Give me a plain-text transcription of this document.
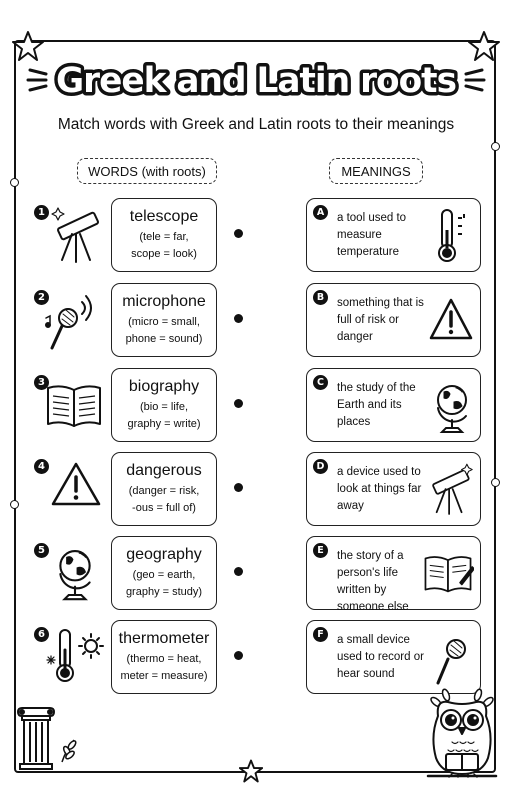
Greek and Latin roots
Match words with Greek and Latin roots to their meanings
WORDS (with roots)	MEANINGS
1	telescope
(tele = far,
scope = look)
A	a tool used to measure temperature
2	microphone
(micro = small,
phone = sound)
B	something that is full of risk or danger
3	biography
(bio = life,
graphy = write)
C	the study of the Earth and its places
4	dangerous
(danger = risk,
-ous = full of)
D	a device used to look at things far away
5	geography
(geo = earth,
graphy = study)
E	the story of a person's life written by someone else
6	thermometer
(thermo = heat,
meter = measure)
F	a small device used to record or hear sound
